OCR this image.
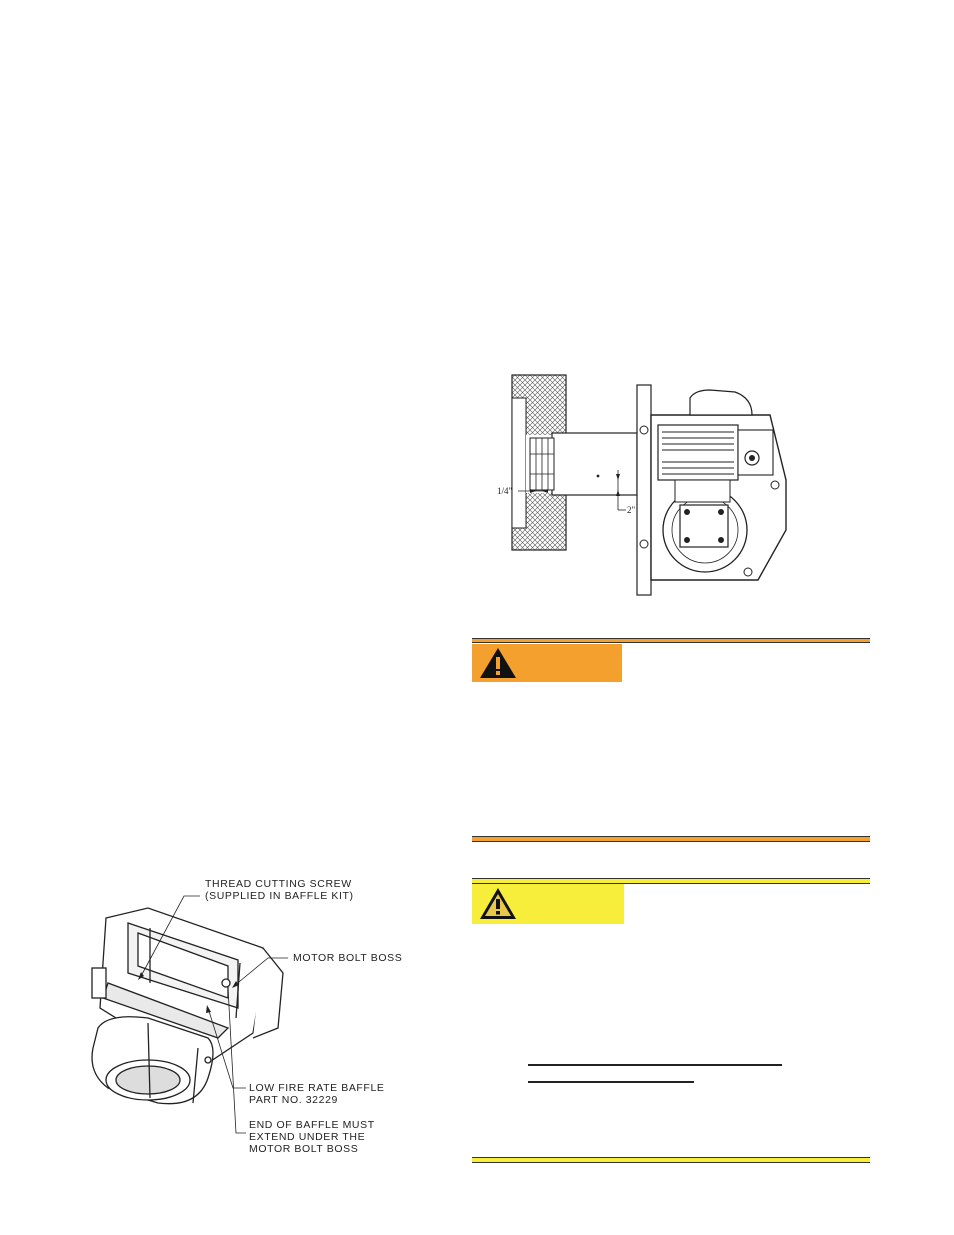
1/4"
2"
THREAD CUTTING SCREW
(SUPPLIED IN BAFFLE KIT)
MOTOR BOLT BOSS
LOW FIRE RATE BAFFLE
PART NO. 32229
END OF BAFFLE MUST
EXTEND UNDER THE
MOTOR BOLT BOSS
